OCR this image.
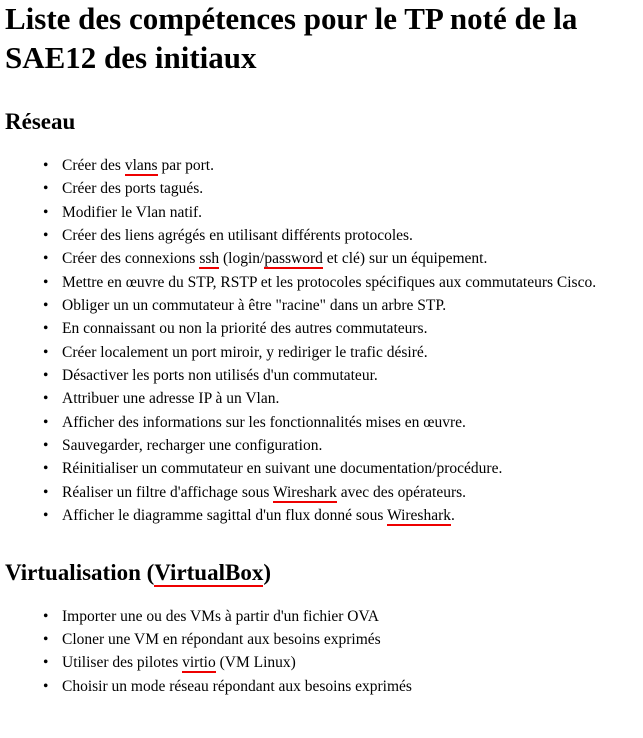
Liste des compétences pour le TP noté de la
SAE12 des initiaux
Réseau
• Créer des vlans par port.
• Créer des ports tagués.
• Modifier le Vlan natif.
• Créer des liens agrégés en utilisant différents protocoles.
• Créer des connexions ssh (login/password et clé) sur un équipement.
• Mettre en œuvre du STP, RSTP et les protocoles spécifiques aux commutateurs Cisco.
• Obliger un un commutateur à être "racine" dans un arbre STP.
• En connaissant ou non la priorité des autres commutateurs.
• Créer localement un port miroir, y rediriger le trafic désiré.
• Désactiver les ports non utilisés d'un commutateur.
• Attribuer une adresse IP à un Vlan.
• Afficher des informations sur les fonctionnalités mises en œuvre.
• Sauvegarder, recharger une configuration.
• Réinitialiser un commutateur en suivant une documentation/procédure.
• Réaliser un filtre d'affichage sous Wireshark avec des opérateurs.
• Afficher le diagramme sagittal d'un flux donné sous Wireshark.
Virtualisation (VirtualBox)
• Importer une ou des VMs à partir d'un fichier OVA
• Cloner une VM en répondant aux besoins exprimés
• Utiliser des pilotes virtio (VM Linux)
• Choisir un mode réseau répondant aux besoins exprimés
